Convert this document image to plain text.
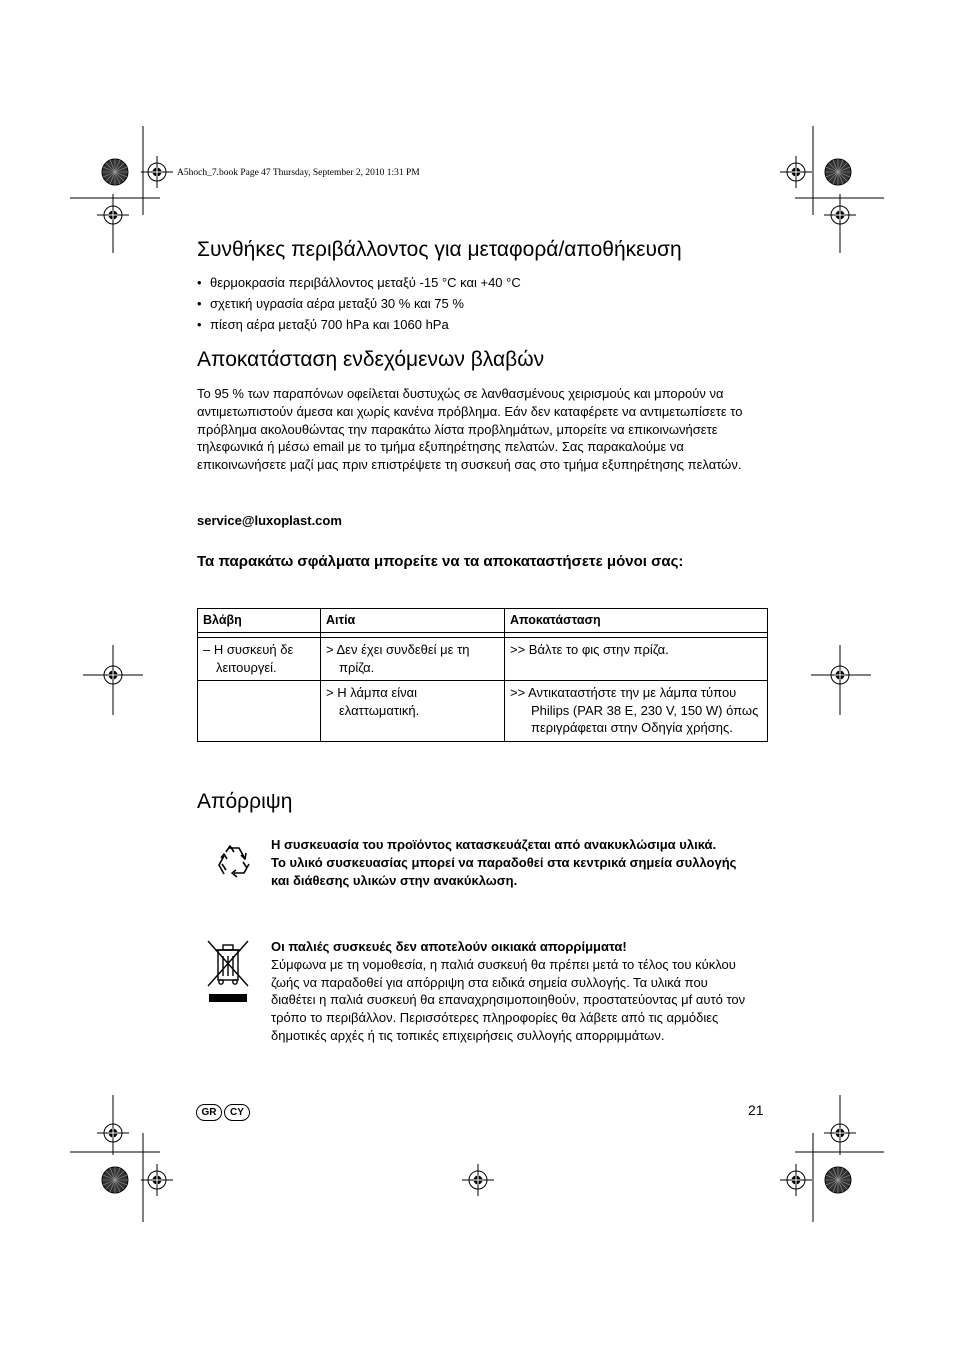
A5hoch_7.book Page 47 Thursday, September 2, 2010 1:31 PM
Συνθήκες περιβάλλοντος για μεταφορά/αποθήκευση
• θερμοκρασία περιβάλλοντος μεταξύ -15 °C και +40 °C
• σχετική υγρασία αέρα μεταξύ 30 % και 75 %
• πίεση αέρα μεταξύ 700 hPa και 1060 hPa
Αποκατάσταση ενδεχόμενων βλαβών

Το 95 % των παραπόνων οφείλεται δυστυχώς σε λανθασμένους χειρισμούς και μπορούν να αντιμετωπιστούν άμεσα και χωρίς κανένα πρόβλημα. Εάν δεν καταφέρετε να αντιμετωπίσετε το πρόβλημα ακολουθώντας την παρακάτω λίστα προβλημάτων, μπορείτε να επικοινωνήσετε τηλεφωνικά ή μέσω email με το τμήμα εξυπηρέτησης πελατών. Σας παρακαλούμε να επικοινωνήσετε μαζί μας πριν επιστρέψετε τη συσκευή σας στο τμήμα εξυπηρέτησης πελατών.

service@luxoplast.com

Τα παρακάτω σφάλματα μπορείτε να τα αποκαταστήσετε μόνοι σας:

Βλάβη	Αιτία	Αποκατάσταση

– Η συσκευή δε λειτουργεί.	> Δεν έχει συνδεθεί με τη πρίζα.	>> Βάλτε το φις στην πρίζα.

	> Η λάμπα είναι ελαττωματική.	>> Αντικαταστήστε την με λάμπα τύπου Philips (PAR 38 E, 230 V, 150 W) όπως περιγράφεται στην Οδηγία χρήσης.
Απόρριψη
Η συσκευασία του προϊόντος κατασκευάζεται από ανακυκλώσιμα υλικά.
Το υλικό συσκευασίας μπορεί να παραδοθεί στα κεντρικά σημεία συλλογής και διάθεσης υλικών στην ανακύκλωση.
Οι παλιές συσκευές δεν αποτελούν οικιακά απορρίμματα!
Σύμφωνα με τη νομοθεσία, η παλιά συσκευή θα πρέπει μετά το τέλος του κύκλου ζωής να παραδοθεί για απόρριψη στα ειδικά σημεία συλλογής. Τα υλικά που διαθέτει η παλιά συσκευή θα επαναχρησιμοποιηθούν, προστατεύοντας μf αυτό τον τρόπο το περιβάλλον. Περισσότερες πληροφορίες θα λάβετε από τις αρμόδιες δημοτικές αρχές ή τις τοπικές επιχειρήσεις συλλογής απορριμμάτων.
GR	CY	21
